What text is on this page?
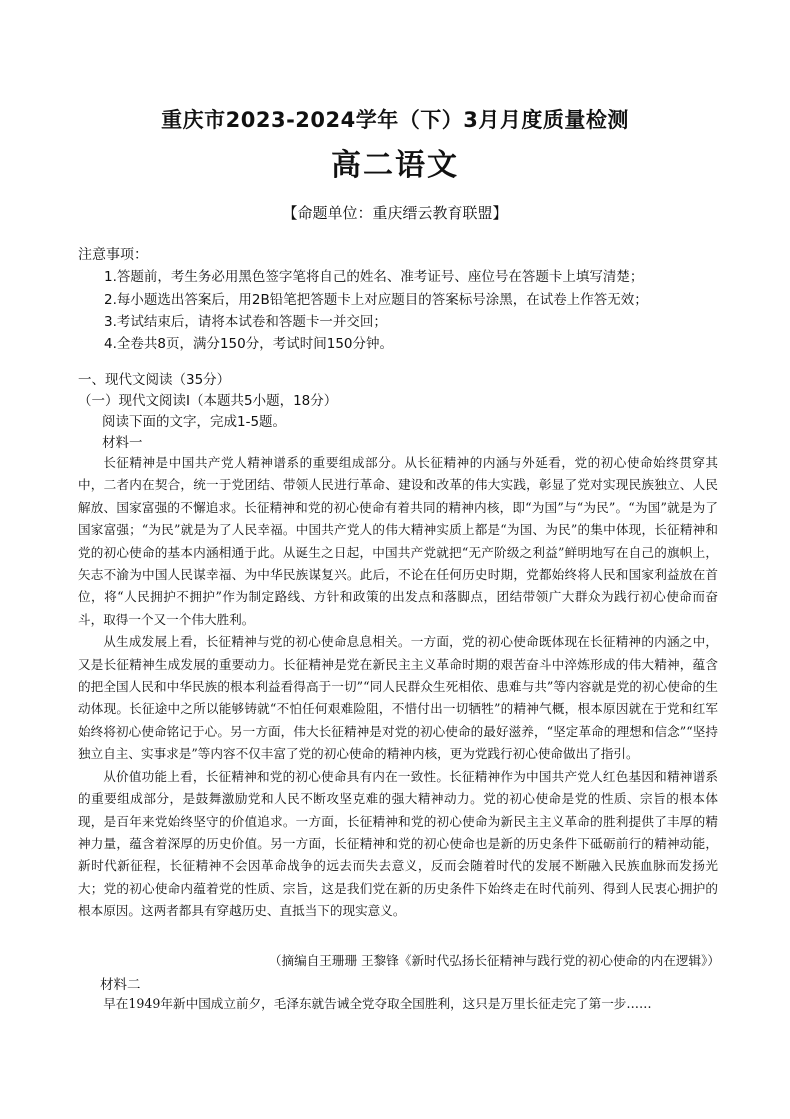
重庆市2023-2024学年（下）3月月度质量检测
高二语文
【命题单位：重庆缙云教育联盟】
注意事项：
1.答题前，考生务必用黑色签字笔将自己的姓名、准考证号、座位号在答题卡上填写清楚；
2.每小题选出答案后，用2B铅笔把答题卡上对应题目的答案标号涂黑，在试卷上作答无效；
3.考试结束后，请将本试卷和答题卡一并交回；
4.全卷共8页，满分150分，考试时间150分钟。
一、现代文阅读（35分）
（一）现代文阅读Ⅰ（本题共5小题，18分）
阅读下面的文字，完成1-5题。
材料一

长征精神是中国共产党人精神谱系的重要组成部分。从长征精神的内涵与外延看，党的初心使命始终贯穿其中，二者内在契合，统一于党团结、带领人民进行革命、建设和改革的伟大实践，彰显了党对实现民族独立、人民解放、国家富强的不懈追求。长征精神和党的初心使命有着共同的精神内核，即“为国”与“为民”。“为国”就是为了国家富强；“为民”就是为了人民幸福。中国共产党人的伟大精神实质上都是“为国、为民”的集中体现，长征精神和党的初心使命的基本内涵相通于此。从诞生之日起，中国共产党就把“无产阶级之利益”鲜明地写在自己的旗帜上，矢志不渝为中国人民谋幸福、为中华民族谋复兴。此后，不论在任何历史时期，党都始终将人民和国家利益放在首位，将“人民拥护不拥护”作为制定路线、方针和政策的出发点和落脚点，团结带领广大群众为践行初心使命而奋斗，取得一个又一个伟大胜利。

从生成发展上看，长征精神与党的初心使命息息相关。一方面，党的初心使命既体现在长征精神的内涵之中，又是长征精神生成发展的重要动力。长征精神是党在新民主主义革命时期的艰苦奋斗中淬炼形成的伟大精神，蕴含的把全国人民和中华民族的根本利益看得高于一切”“同人民群众生死相依、患难与共”等内容就是党的初心使命的生动体现。长征途中之所以能够铸就“不怕任何艰难险阻，不惜付出一切牺牲”的精神气概，根本原因就在于党和红军始终将初心使命铭记于心。另一方面，伟大长征精神是对党的初心使命的最好滋养，“坚定革命的理想和信念”“坚持独立自主、实事求是”等内容不仅丰富了党的初心使命的精神内核，更为党践行初心使命做出了指引。

从价值功能上看，长征精神和党的初心使命具有内在一致性。长征精神作为中国共产党人红色基因和精神谱系的重要组成部分，是鼓舞激励党和人民不断攻坚克难的强大精神动力。党的初心使命是党的性质、宗旨的根本体现，是百年来党始终坚守的价值追求。一方面，长征精神和党的初心使命为新民主主义革命的胜利提供了丰厚的精神力量，蕴含着深厚的历史价值。另一方面，长征精神和党的初心使命也是新的历史条件下砥砺前行的精神动能，新时代新征程，长征精神不会因革命战争的远去而失去意义，反而会随着时代的发展不断融入民族血脉而发扬光大；党的初心使命内蕴着党的性质、宗旨，这是我们党在新的历史条件下始终走在时代前列、得到人民衷心拥护的根本原因。这两者都具有穿越历史、直抵当下的现实意义。

（摘编自王珊珊 王黎锋《新时代弘扬长征精神与践行党的初心使命的内在逻辑》）
材料二
早在1949年新中国成立前夕，毛泽东就告诫全党夺取全国胜利，这只是万里长征走完了第一步……
